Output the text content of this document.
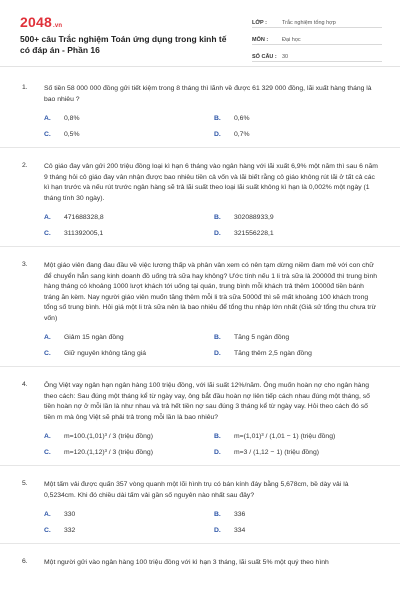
2048.vn
500+ câu Trắc nghiệm Toán ứng dụng trong kinh tế có đáp án - Phần 16
LỚP :	Trắc nghiệm tổng hợp
MÔN :	Đại học
SỐ CÂU : 30
1. Số tiền 58 000 000 đồng gửi tiết kiệm trong 8 tháng thì lãnh về được 61 329 000 đồng, lãi xuất hàng tháng là bao nhiêu ?
A. 0,8%	B. 0,6%
C. 0,5%	D. 0,7%
2. Cô giáo đay vân gửi 200 triệu đồng loại kì hạn 6 tháng vào ngân hàng với lãi xuất 6,9% một năm thì sau 6 năm 9 tháng hỏi cô giáo đay vân nhận được bao nhiêu tiền cả vốn và lãi biết rằng cô giáo không rút lãi ở tất cả các kì hạn trước và nếu rút trước ngân hàng sẽ trả lãi suất theo loại lãi suất không kì hạn là 0,002% một ngày (1 tháng tính 30 ngày).
A. 471688328,8	B. 302088933,9
C. 311392005,1	D. 321556228,1
3. Một giáo viên đang đau đầu về việc lương thấp và phân vân xem có nên tạm dừng niềm đam mê với con chữ để chuyển hẳn sang kinh doanh đồ uống trà sữa hay không? Ước tính nếu 1 li trà sữa là 20000đ thì trung bình hàng tháng có khoảng 1000 lượt khách tới uống tại quán, trung bình mỗi khách trả thêm 10000đ tiền bánh tráng ăn kèm. Nay người giáo viên muốn tăng thêm mỗi li trà sữa 5000đ thì sẽ mất khoảng 100 khách trong tổng số trung bình. Hỏi giá một li trà sữa nên là bao nhiêu để tổng thu nhập lớn nhất (Giả sử tổng thu chưa trừ vốn)
A. Giảm 15 ngàn đồng	B. Tăng 5 ngàn đồng
C. Giữ nguyên không tăng giá	D. Tăng thêm 2,5 ngàn đồng
4. Ông Việt vay ngân hạn ngân hàng 100 triệu đồng, với lãi suất 12%/năm. Ông muốn hoàn nợ cho ngân hàng theo cách: Sau đúng một tháng kể từ ngày vay, ông bắt đầu hoàn nợ liên tiếp cách nhau đúng một tháng, số tiền hoàn nợ ở mỗi lần là như nhau và trả hết tiền nợ sau đúng 3 tháng kể từ ngày vay. Hỏi theo cách đó số tiền m mà ông Việt sẽ phải trả trong mỗi lần là bao nhiêu?
A. m=100.(1,01)³ / 3 (triệu đồng)	B. m=(1,01)³ / (1,01 − 1) (triệu đồng)
C. m=120.(1,12)³ / 3 (triệu đồng)	D. m=3 / (1,12 − 1) (triệu đồng)
5. Một tấm vải được quấn 357 vòng quanh một lõi hình trụ có bán kính đáy bằng 5,678cm, bề dày vải là 0,5234cm. Khi đó chiều dài tấm vải gần số nguyên nào nhất sau đây?
A. 330	B. 336
C. 332	D. 334
6. Một người gửi vào ngân hàng 100 triệu đồng với kì hạn 3 tháng, lãi suất 5% một quý theo hình
